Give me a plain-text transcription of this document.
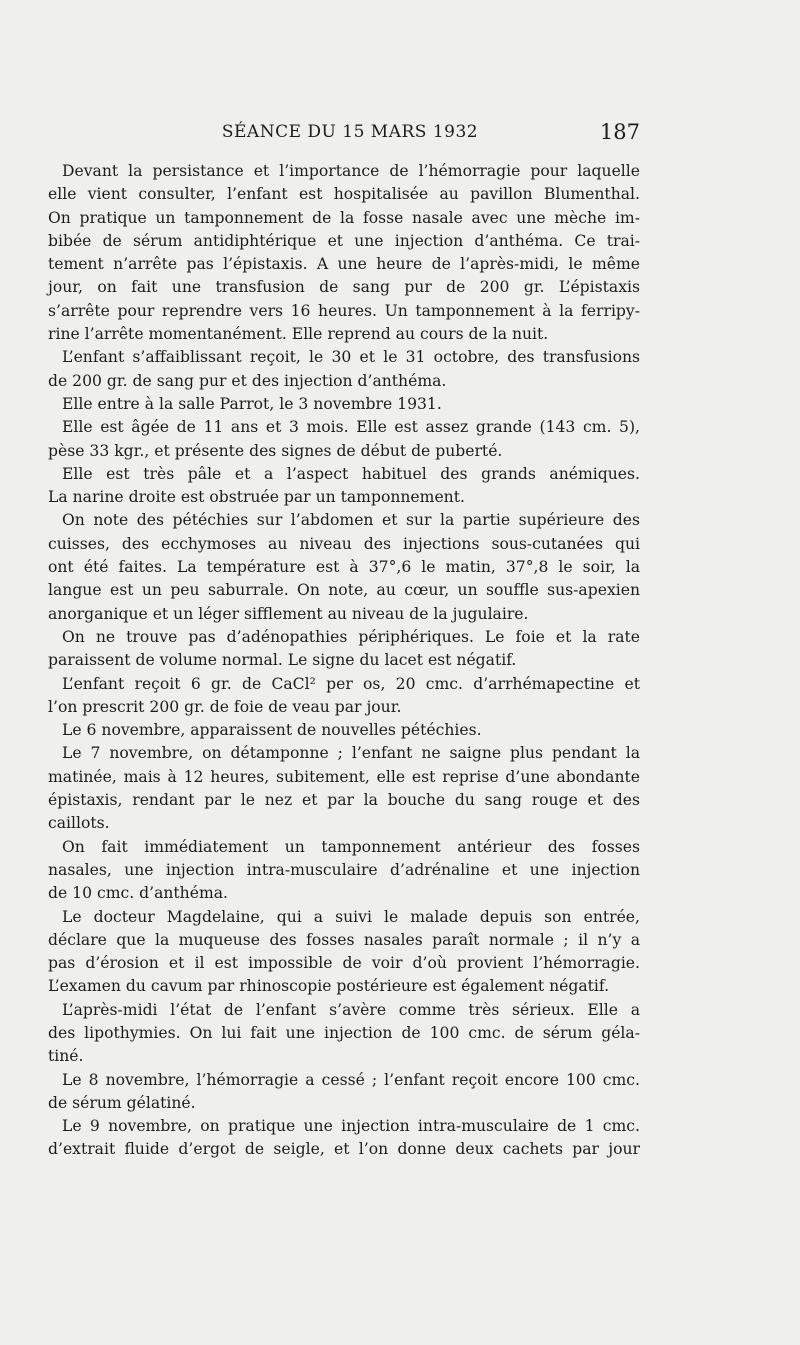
SÉANCE DU 15 MARS 1932	187
Devant la persistance et l’importance de l’hémorragie pour laquelle
elle vient consulter, l’enfant est hospitalisée au pavillon Blumenthal.
On pratique un tamponnement de la fosse nasale avec une mèche im-
bibée de sérum antidiphtérique et une injection d’anthéma. Ce trai-
tement n’arrête pas l’épistaxis. A une heure de l’après-midi, le même
jour, on fait une transfusion de sang pur de 200 gr. L’épistaxis
s’arrête pour reprendre vers 16 heures. Un tamponnement à la ferripy-
rine l’arrête momentanément. Elle reprend au cours de la nuit.
L’enfant s’affaiblissant reçoit, le 30 et le 31 octobre, des transfusions
de 200 gr. de sang pur et des injection d’anthéma.
Elle entre à la salle Parrot, le 3 novembre 1931.
Elle est âgée de 11 ans et 3 mois. Elle est assez grande (143 cm. 5),
pèse 33 kgr., et présente des signes de début de puberté.
Elle est très pâle et a l’aspect habituel des grands anémiques.
La narine droite est obstruée par un tamponnement.
On note des pétéchies sur l’abdomen et sur la partie supérieure des
cuisses, des ecchymoses au niveau des injections sous-cutanées qui
ont été faites. La température est à 37°,6 le matin, 37°,8 le soir, la
langue est un peu saburrale. On note, au cœur, un souffle sus-apexien
anorganique et un léger sifflement au niveau de la jugulaire.
On ne trouve pas d’adénopathies périphériques. Le foie et la rate
paraissent de volume normal. Le signe du lacet est négatif.
L’enfant reçoit 6 gr. de CaCl² per os, 20 cmc. d’arrhémapectine et
l’on prescrit 200 gr. de foie de veau par jour.
Le 6 novembre, apparaissent de nouvelles pétéchies.
Le 7 novembre, on détamponne ; l’enfant ne saigne plus pendant la
matinée, mais à 12 heures, subitement, elle est reprise d’une abondante
épistaxis, rendant par le nez et par la bouche du sang rouge et des
caillots.
On fait immédiatement un tamponnement antérieur des fosses
nasales, une injection intra-musculaire d’adrénaline et une injection
de 10 cmc. d’anthéma.
Le docteur Magdelaine, qui a suivi le malade depuis son entrée,
déclare que la muqueuse des fosses nasales paraît normale ; il n’y a
pas d’érosion et il est impossible de voir d’où provient l’hémorragie.
L’examen du cavum par rhinoscopie postérieure est également négatif.
L’après-midi l’état de l’enfant s’avère comme très sérieux. Elle a
des lipothymies. On lui fait une injection de 100 cmc. de sérum géla-
tiné.
Le 8 novembre, l’hémorragie a cessé ; l’enfant reçoit encore 100 cmc.
de sérum gélatiné.
Le 9 novembre, on pratique une injection intra-musculaire de 1 cmc.
d’extrait fluide d’ergot de seigle, et l’on donne deux cachets par jour
